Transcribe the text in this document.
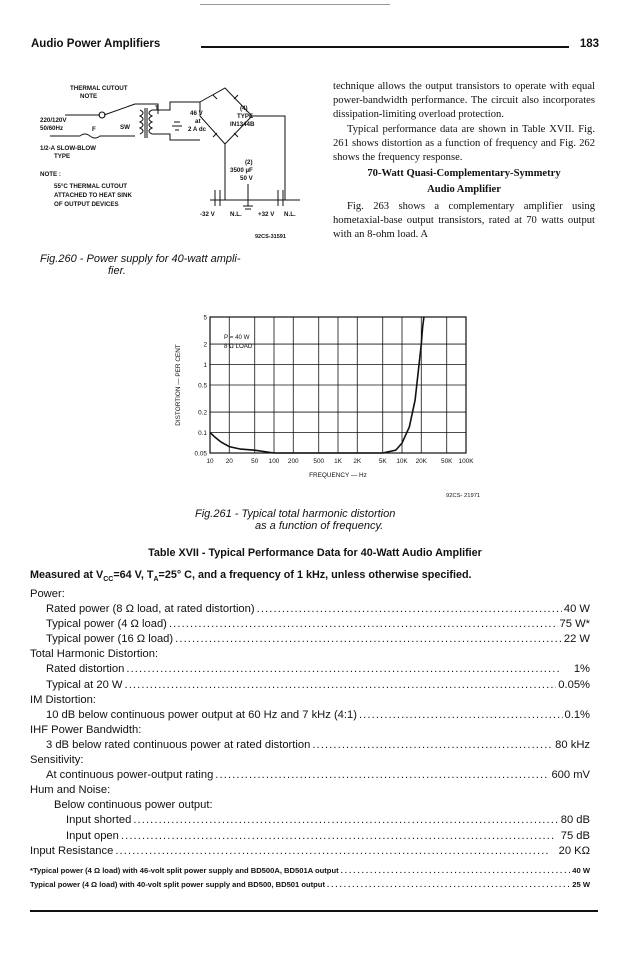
Audio Power Amplifiers	183
THERMAL CUTOUT
NOTE
T
46 V
at
2 A dc
220/120V
50/60Hz	F	SW
1/2-A SLOW-BLOW
TYPE
NOTE :
55°C THERMAL CUTOUT
ATTACHED TO HEAT SINK
OF OUTPUT DEVICES
(4)
TYPE
IN1344B
(2)
3500 µF
50 V
-32 V N.L.	+32 V N.L.
92CS-31591
Fig.260 - Power supply for 40-watt ampli-
fier.

technique allows the output transistors to operate with equal power-bandwidth performance. The circuit also incorporates dissipation-limiting overload protection.

Typical performance data are shown in Table XVII. Fig. 261 shows distortion as a function of frequency and Fig. 262 shows the frequency response.

70-Watt Quasi-Complementary-Symmetry

Audio Amplifier

Fig. 263 shows a complementary amplifier using hometaxial-base output transistors, rated at 70 watts output with an 8-ohm load. A

10 20	50 100 200 500 1K 2K	5K 10K 20K 50K 100K
5
2
1
0.5
0.2
0.1
0.05
FREQUENCY — Hz
DISTORTION — PER CENT
P = 40 W
8 Ω LOAD
92CS- 21971
Fig.261 - Typical total harmonic distortion
as a function of frequency.
Table XVII - Typical Performance Data for 40-Watt Audio Amplifier
Measured at $V_{CC}=64$ V, $T_A=25^\circ$ C, and a frequency of 1 kHz, unless otherwise specified.
Power:
Rated power (8 Ω load, at rated distortion) . . .	40 W
Typical power (4 Ω load) . . .	75 W*
Typical power (16 Ω load) . . .	22 W
Total Harmonic Distortion:
Rated distortion . . .	1%
Typical at 20 W . . .	0.05%
IM Distortion:
10 dB below continuous power output at 60 Hz and 7 kHz (4:1) . . .	0.1%
IHF Power Bandwidth:
3 dB below rated continuous power at rated distortion . . .	80 kHz
Sensitivity:
At continuous power-output rating . . .	600 mV
Hum and Noise:
Below continuous power output:
Input shorted . . .	80 dB
Input open . . .	75 dB
Input Resistance . . .	20 KΩ
*Typical power (4 Ω load) with 46-volt split power supply and BD500A, BD501A output . . .	40 W
Typical power (4 Ω load) with 40-volt split power supply and BD500, BD501 output . . .	25 W
